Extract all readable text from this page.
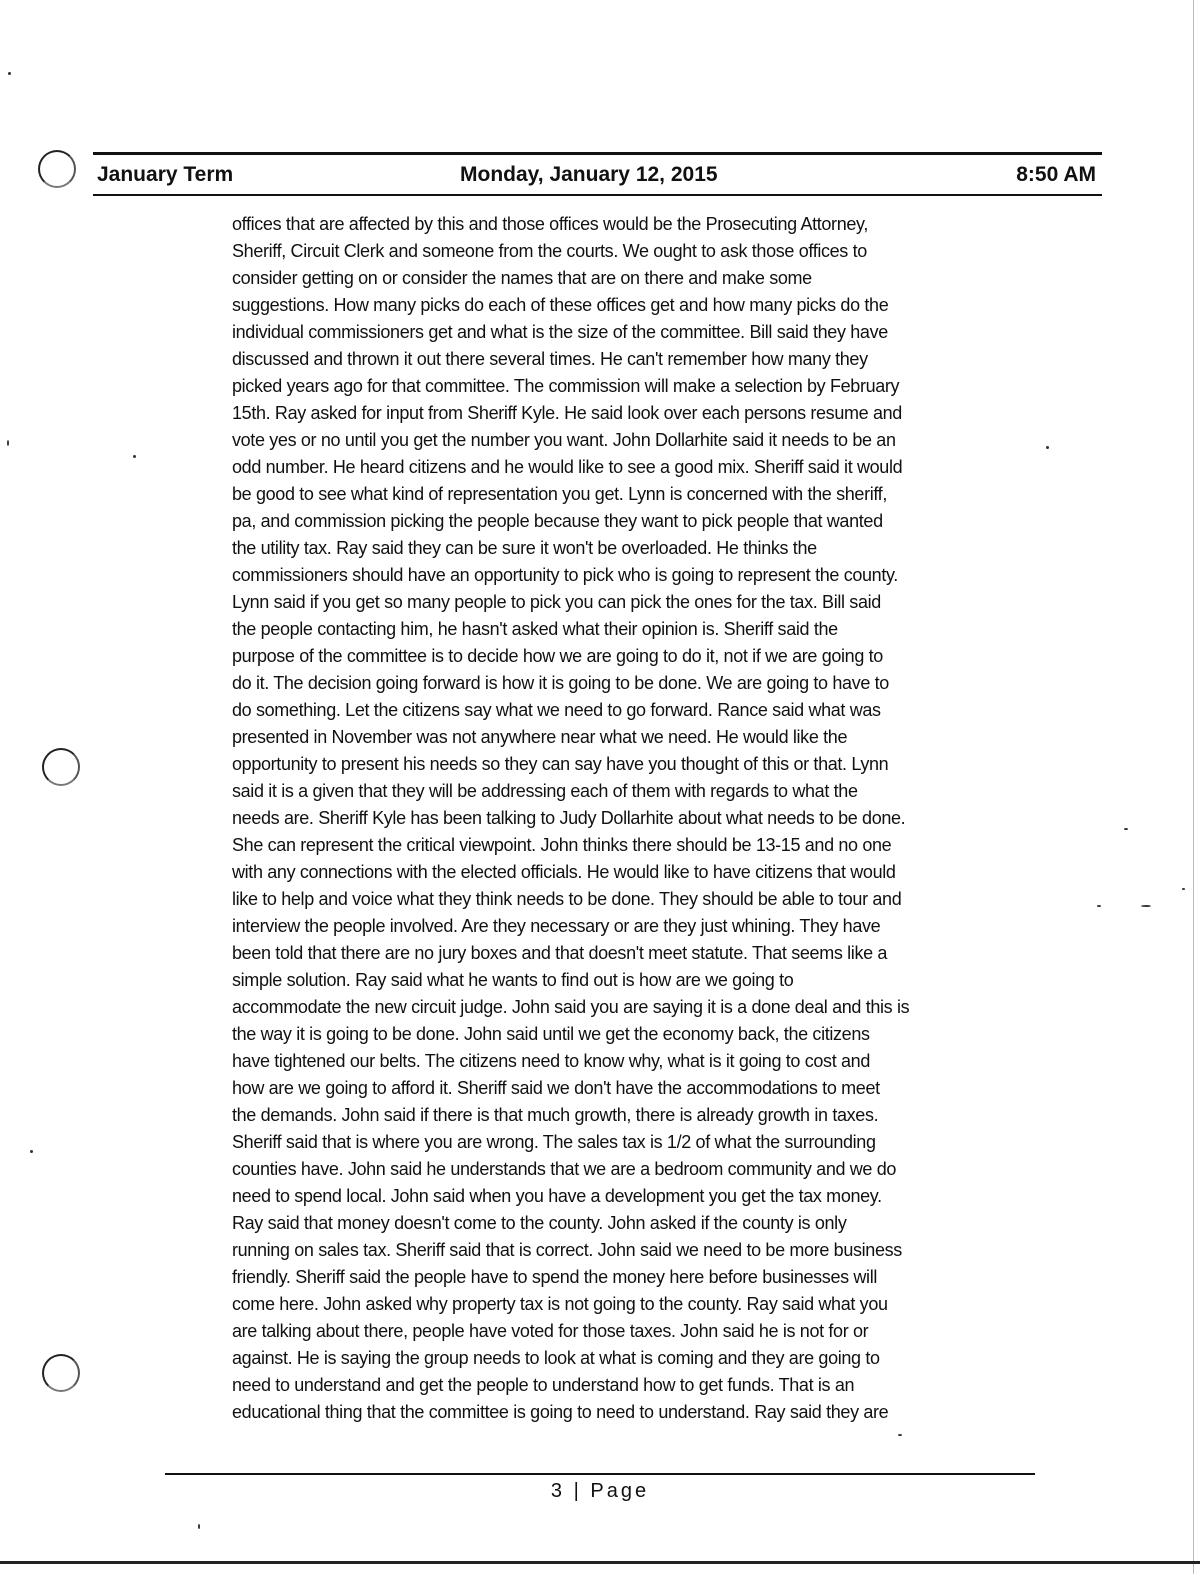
January Term	Monday, January 12, 2015	8:50 AM
offices that are affected by this and those offices would be the Prosecuting Attorney,
Sheriff, Circuit Clerk and someone from the courts. We ought to ask those offices to
consider getting on or consider the names that are on there and make some
suggestions. How many picks do each of these offices get and how many picks do the
individual commissioners get and what is the size of the committee. Bill said they have
discussed and thrown it out there several times. He can't remember how many they
picked years ago for that committee. The commission will make a selection by February
15th. Ray asked for input from Sheriff Kyle. He said look over each persons resume and
vote yes or no until you get the number you want. John Dollarhite said it needs to be an
odd number. He heard citizens and he would like to see a good mix. Sheriff said it would
be good to see what kind of representation you get. Lynn is concerned with the sheriff,
pa, and commission picking the people because they want to pick people that wanted
the utility tax. Ray said they can be sure it won't be overloaded. He thinks the
commissioners should have an opportunity to pick who is going to represent the county.
Lynn said if you get so many people to pick you can pick the ones for the tax. Bill said
the people contacting him, he hasn't asked what their opinion is. Sheriff said the
purpose of the committee is to decide how we are going to do it, not if we are going to
do it. The decision going forward is how it is going to be done. We are going to have to
do something. Let the citizens say what we need to go forward. Rance said what was
presented in November was not anywhere near what we need. He would like the
opportunity to present his needs so they can say have you thought of this or that. Lynn
said it is a given that they will be addressing each of them with regards to what the
needs are. Sheriff Kyle has been talking to Judy Dollarhite about what needs to be done.
She can represent the critical viewpoint. John thinks there should be 13-15 and no one
with any connections with the elected officials. He would like to have citizens that would
like to help and voice what they think needs to be done. They should be able to tour and
interview the people involved. Are they necessary or are they just whining. They have
been told that there are no jury boxes and that doesn't meet statute. That seems like a
simple solution. Ray said what he wants to find out is how are we going to
accommodate the new circuit judge. John said you are saying it is a done deal and this is
the way it is going to be done. John said until we get the economy back, the citizens
have tightened our belts. The citizens need to know why, what is it going to cost and
how are we going to afford it. Sheriff said we don't have the accommodations to meet
the demands. John said if there is that much growth, there is already growth in taxes.
Sheriff said that is where you are wrong. The sales tax is 1/2 of what the surrounding
counties have. John said he understands that we are a bedroom community and we do
need to spend local. John said when you have a development you get the tax money.
Ray said that money doesn't come to the county. John asked if the county is only
running on sales tax. Sheriff said that is correct. John said we need to be more business
friendly. Sheriff said the people have to spend the money here before businesses will
come here. John asked why property tax is not going to the county. Ray said what you
are talking about there, people have voted for those taxes. John said he is not for or
against. He is saying the group needs to look at what is coming and they are going to
need to understand and get the people to understand how to get funds. That is an
educational thing that the committee is going to need to understand. Ray said they are
3 | Page
